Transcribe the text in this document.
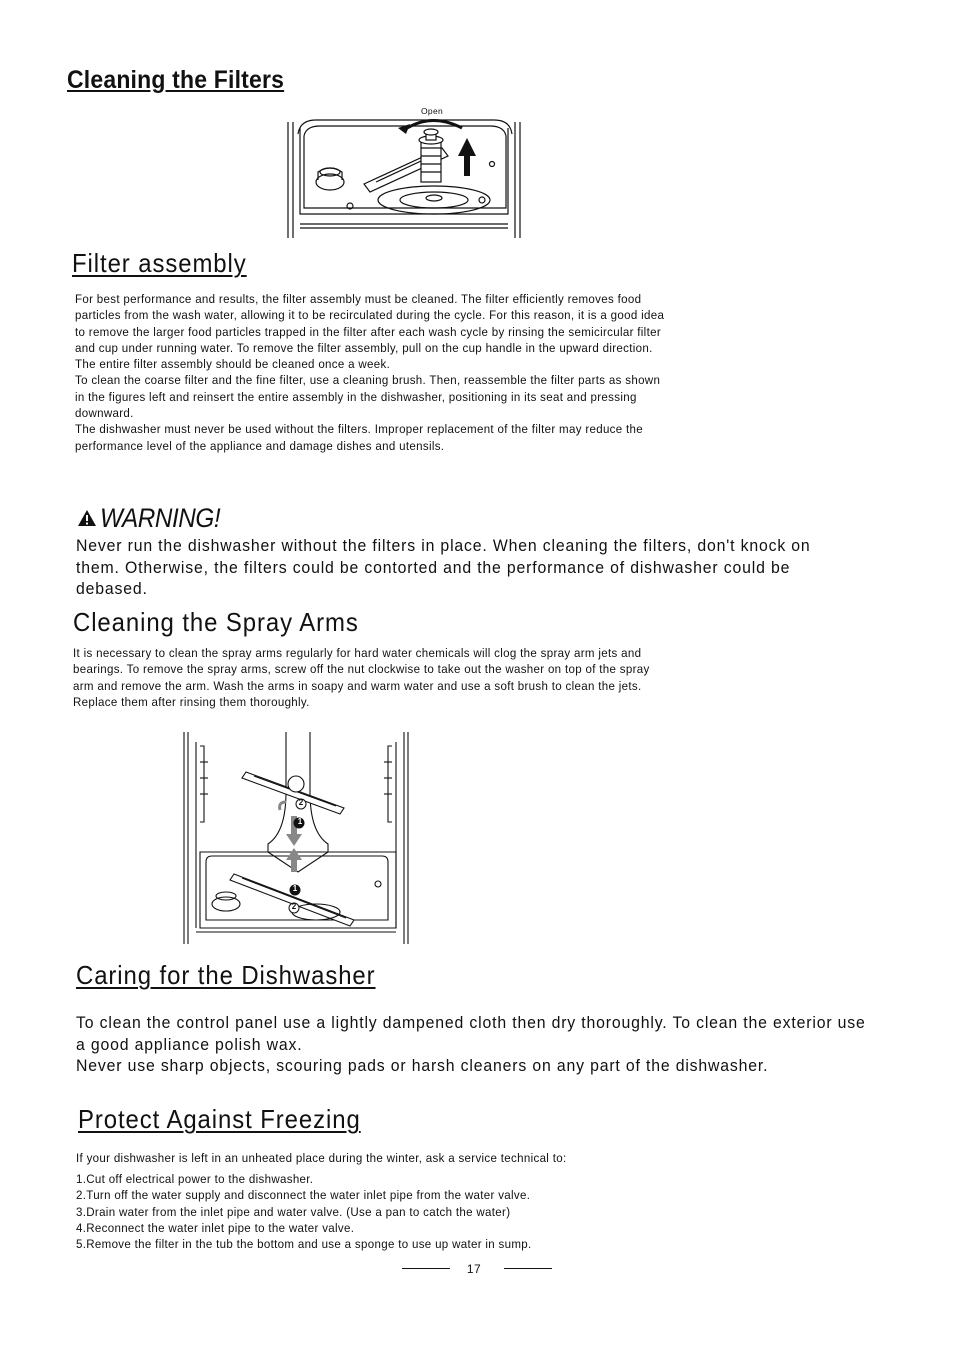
Cleaning the Filters
Open
Filter assembly

For best performance and results, the filter assembly must be cleaned. The filter efficiently removes food particles from the wash water, allowing it to be recirculated during the cycle. For this reason, it is a good idea to remove the larger food particles trapped in the filter after each wash cycle by rinsing the semicircular filter and cup under running water. To remove the filter assembly, pull on the cup handle in the upward direction. The entire filter assembly should be cleaned once a week.

To clean the coarse filter and the fine filter, use a cleaning brush. Then, reassemble the filter parts as shown in the figures left and reinsert the entire assembly in the dishwasher, positioning in its seat and pressing downward.

The dishwasher must never be used without the filters. Improper replacement of the filter may reduce the performance level of the appliance and damage dishes and utensils.

WARNING!
Never run the dishwasher without the filters in place. When cleaning the filters, don't knock on them. Otherwise, the filters could be contorted and the performance of dishwasher could be debased.
Cleaning the Spray Arms
It is necessary to clean the spray arms regularly for hard water chemicals will clog the spray arm jets and bearings. To remove the spray arms, screw off the nut clockwise to take out the washer on top of the spray arm and remove the arm. Wash the arms in soapy and warm water and use a soft brush to clean the jets. Replace them after rinsing them thoroughly.
1
2
1
2
Caring for the Dishwasher

To clean the control panel use a lightly dampened cloth then dry thoroughly. To clean the exterior use a good appliance polish wax.

Never use sharp objects, scouring pads or harsh cleaners on any part of the dishwasher.

Protect Against Freezing
If your dishwasher is left in an unheated place during the winter, ask a service technical to:

1.Cut off electrical power to the dishwasher.

2.Turn off the water supply and disconnect the water inlet pipe from the water valve.

3.Drain water from the inlet pipe and water valve. (Use a pan to catch the water)

4.Reconnect the water inlet pipe to the water valve.

5.Remove the filter in the tub the bottom and use a sponge to use up water in sump.

17
